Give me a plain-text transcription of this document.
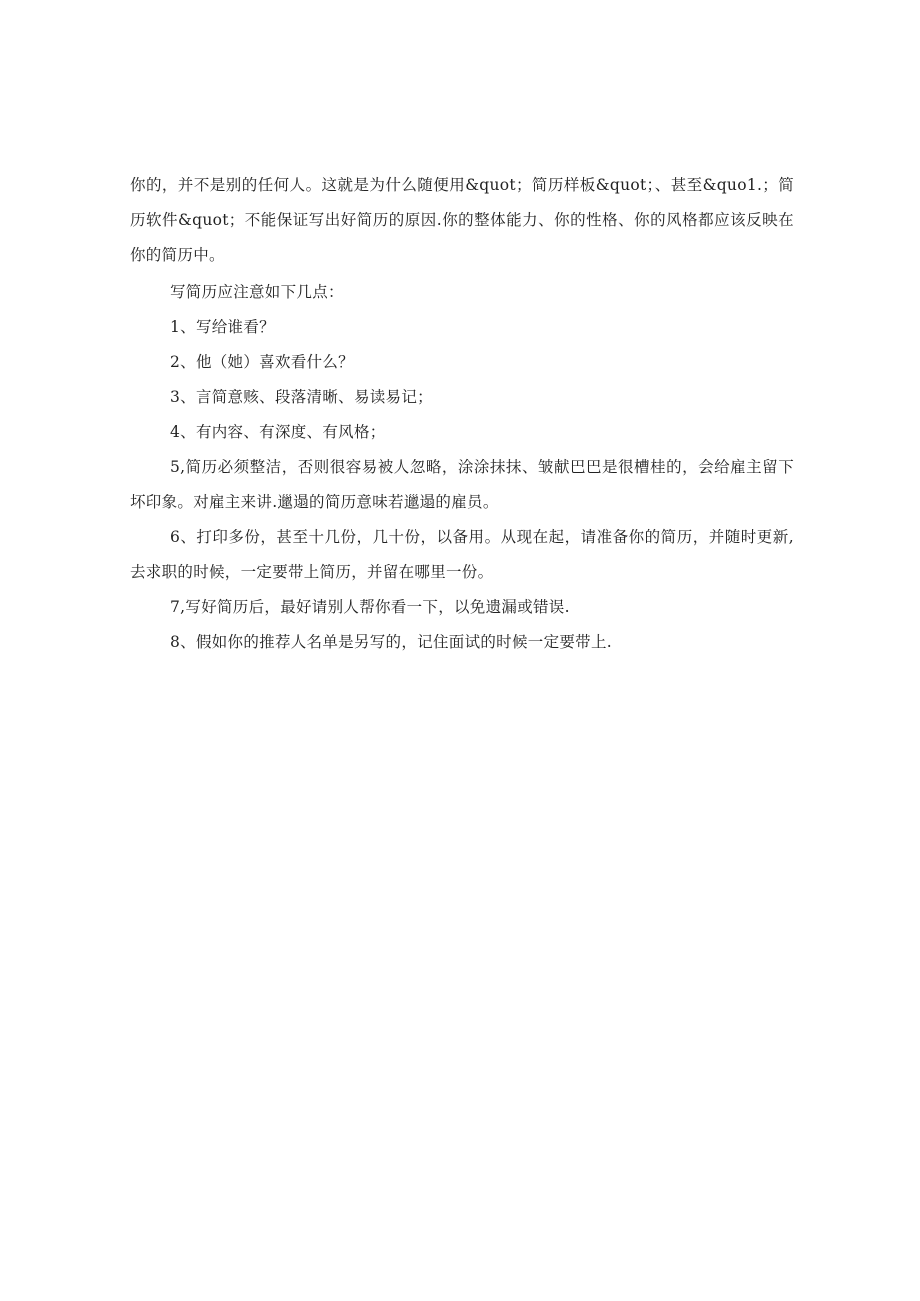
你的，并不是别的任何人。这就是为什么随便用&quot；简历样板&quot；、甚至&quo1.；简历软件&quot；不能保证写出好简历的原因.你的整体能力、你的性格、你的风格都应该反映在你的简历中。

写简历应注意如下几点：

1、写给谁看？

2、他（她）喜欢看什么？

3、言简意赅、段落清晰、易读易记；

4、有内容、有深度、有风格；

5,简历必须整洁，否则很容易被人忽略，涂涂抹抹、皱献巴巴是很槽桂的，会给雇主留下坏印象。对雇主来讲.邋遢的简历意味若邋遢的雇员。

6、打印多份，甚至十几份，几十份，以备用。从现在起，请准备你的简历，并随时更新,去求职的时候，一定要带上简历，并留在哪里一份。

7,写好简历后，最好请别人帮你看一下，以免遗漏或错误.

8、假如你的推荐人名单是另写的，记住面试的时候一定要带上.
